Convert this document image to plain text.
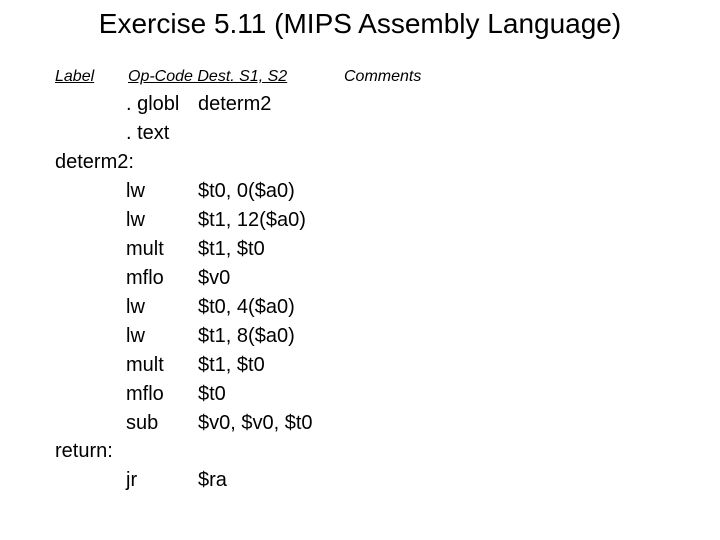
Exercise 5.11 (MIPS Assembly Language)
Label Op-Code Dest. S1, S2	Comments
. globl determ2
. text
determ2:
lw	$t0, 0($a0)
lw	$t1, 12($a0)
mult $t1, $t0
mflo $v0
lw	$t0, 4($a0)
lw	$t1, 8($a0)
mult $t1, $t0
mflo $t0
sub $v0, $v0, $t0
return:
jr	$ra
